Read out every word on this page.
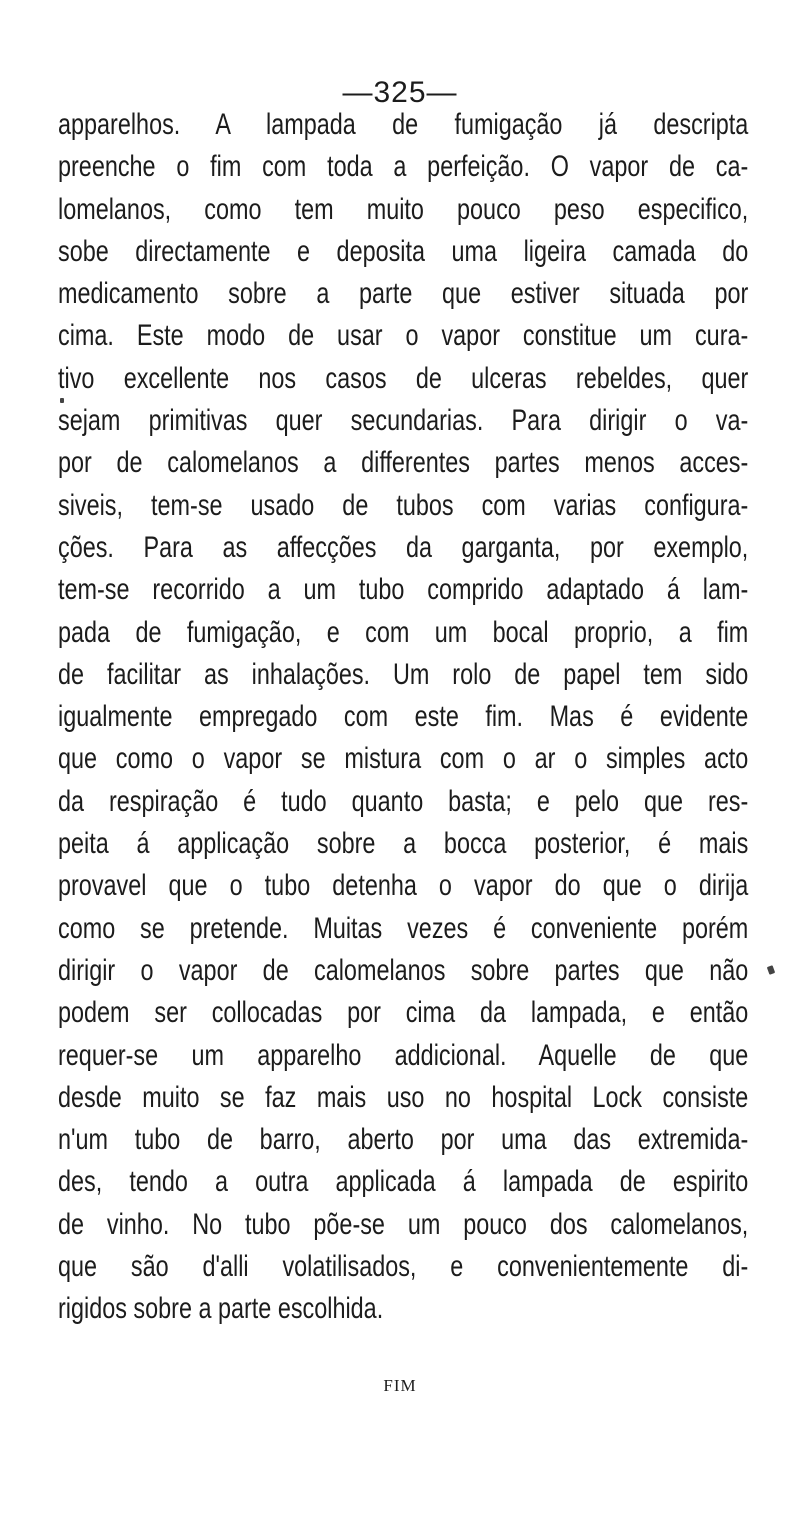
—325—
apparelhos. A lampada de fumigação já descripta
preenche o fim com toda a perfeição. O vapor de ca-
lomelanos, como tem muito pouco peso especifico,
sobe directamente e deposita uma ligeira camada do
medicamento sobre a parte que estiver situada por
cima. Este modo de usar o vapor constitue um cura-
tivo excellente nos casos de ulceras rebeldes, quer
sejam primitivas quer secundarias. Para dirigir o va-
por de calomelanos a differentes partes menos acces-
siveis, tem-se usado de tubos com varias configura-
ções. Para as affecções da garganta, por exemplo,
tem-se recorrido a um tubo comprido adaptado á lam-
pada de fumigação, e com um bocal proprio, a fim
de facilitar as inhalações. Um rolo de papel tem sido
igualmente empregado com este fim. Mas é evidente
que como o vapor se mistura com o ar o simples acto
da respiração é tudo quanto basta; e pelo que res-
peita á applicação sobre a bocca posterior, é mais
provavel que o tubo detenha o vapor do que o dirija
como se pretende. Muitas vezes é conveniente porém
dirigir o vapor de calomelanos sobre partes que não
podem ser collocadas por cima da lampada, e então
requer-se um apparelho addicional. Aquelle de que
desde muito se faz mais uso no hospital Lock consiste
n'um tubo de barro, aberto por uma das extremida-
des, tendo a outra applicada á lampada de espirito
de vinho. No tubo põe-se um pouco dos calomelanos,
que são d'alli volatilisados, e convenientemente di-
rigidos sobre a parte escolhida.
FIM
